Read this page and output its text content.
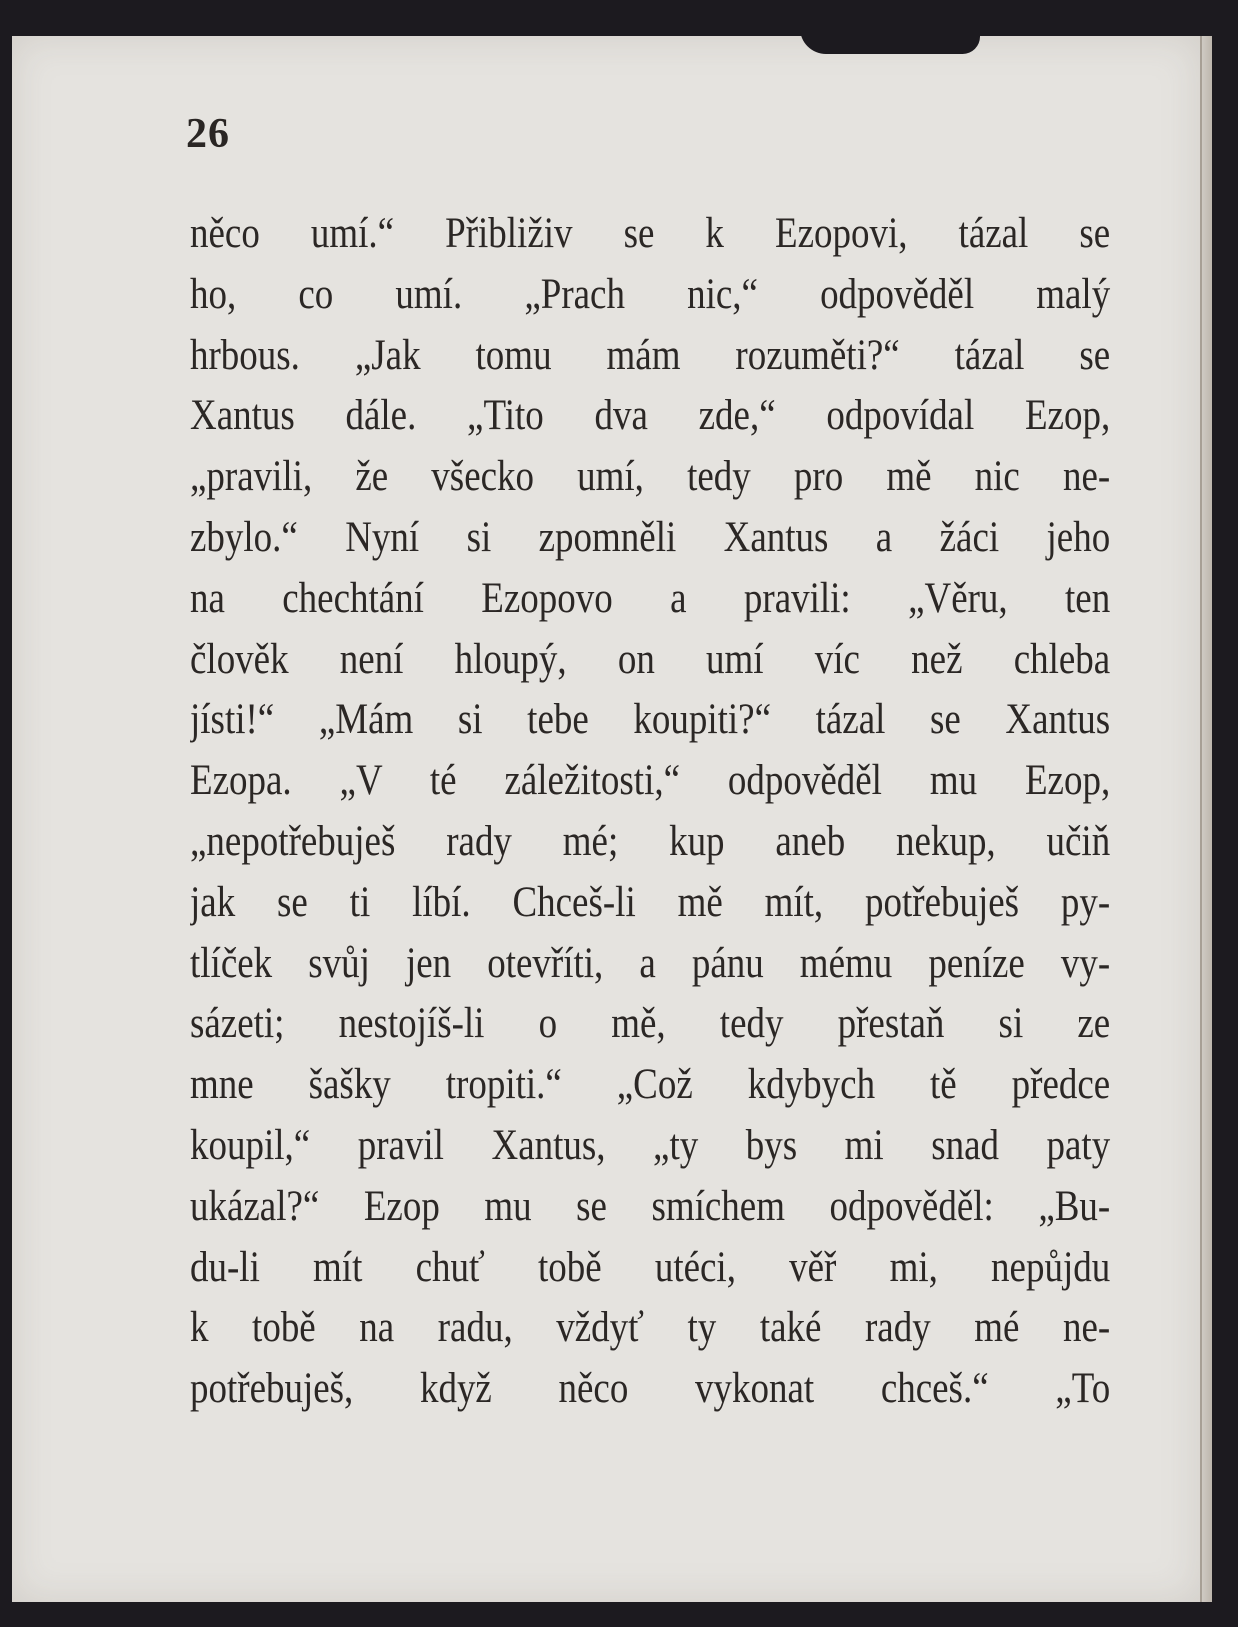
26
něco umí.“ Přibliživ se k Ezopovi, tázal se
ho, co umí. „Prach nic,“ odpověděl malý
hrbous. „Jak tomu mám rozuměti?“ tázal se
Xantus dále. „Tito dva zde,“ odpovídal Ezop,
„pravili, že všecko umí, tedy pro mě nic ne-
zbylo.“ Nyní si zpomněli Xantus a žáci jeho
na chechtání Ezopovo a pravili: „Věru, ten
člověk není hloupý, on umí víc než chleba
jísti!“ „Mám si tebe koupiti?“ tázal se Xantus
Ezopa. „V té záležitosti,“ odpověděl mu Ezop,
„nepotřebuješ rady mé; kup aneb nekup, učiň
jak se ti líbí. Chceš-li mě mít, potřebuješ py-
tlíček svůj jen otevříti, a pánu mému peníze vy-
sázeti; nestojíš-li o mě, tedy přestaň si ze
mne šašky tropiti.“ „Což kdybych tě předce
koupil,“ pravil Xantus, „ty bys mi snad paty
ukázal?“ Ezop mu se smíchem odpověděl: „Bu-
du-li mít chuť tobě utéci, věř mi, nepůjdu
k tobě na radu, vždyť ty také rady mé ne-
potřebuješ, když něco vykonat chceš.“ „To
